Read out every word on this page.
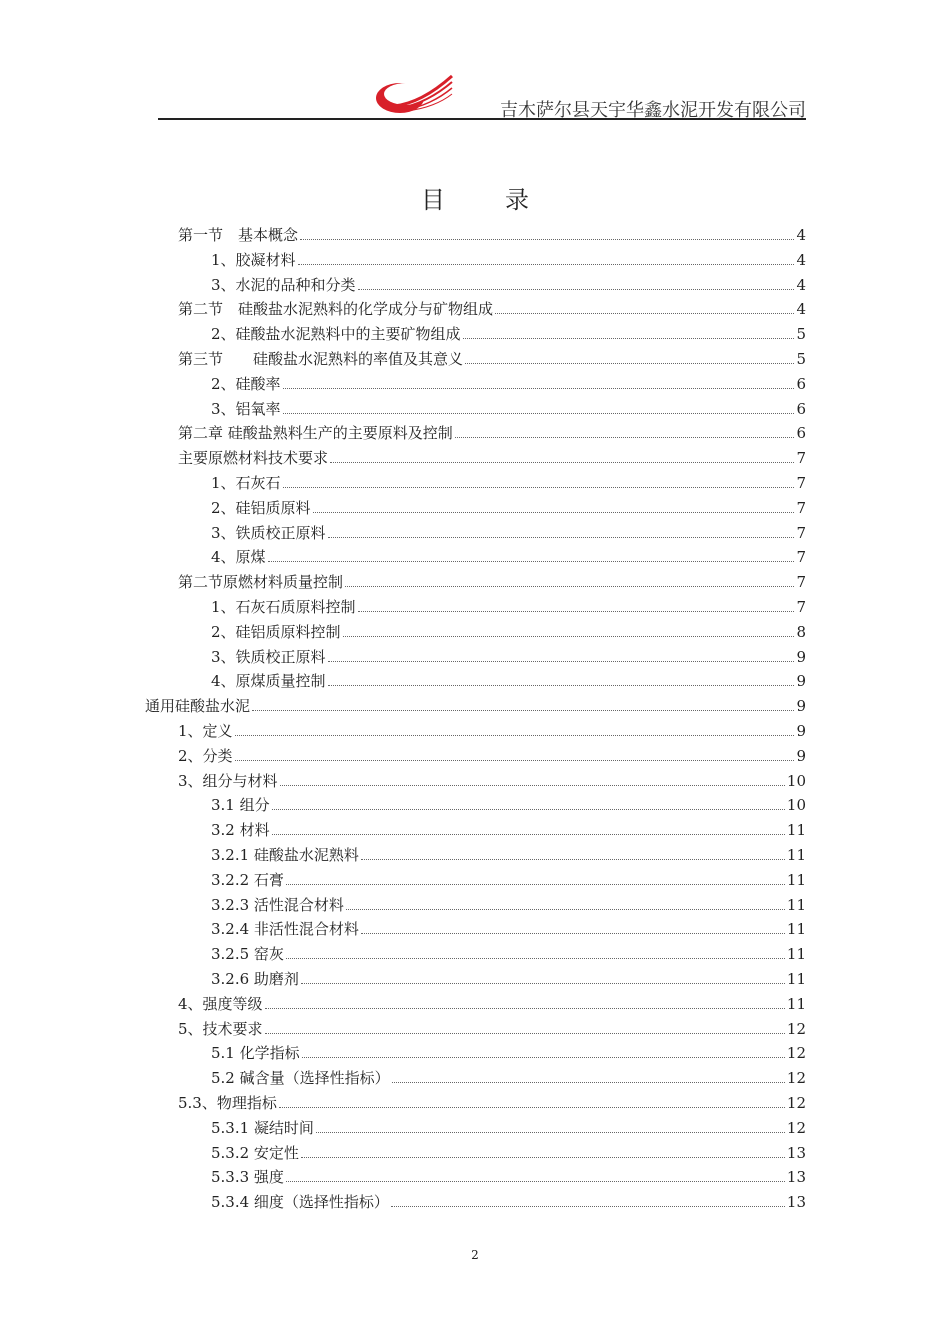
吉木萨尔县天宇华鑫水泥开发有限公司
目录
第一节　基本概念	4
1、胶凝材料	4
3、水泥的品种和分类	4
第二节　硅酸盐水泥熟料的化学成分与矿物组成	4
2、硅酸盐水泥熟料中的主要矿物组成	5
第三节　　硅酸盐水泥熟料的率值及其意义	5
2、硅酸率	6
3、铝氧率	6
第二章 硅酸盐熟料生产的主要原料及控制	6
主要原燃材料技术要求	7
1、石灰石	7
2、硅铝质原料	7
3、铁质校正原料	7
4、原煤	7
第二节原燃材料质量控制	7
1、石灰石质原料控制	7
2、硅铝质原料控制	8
3、铁质校正原料	9
4、原煤质量控制	9
通用硅酸盐水泥	9
1、定义	9
2、分类	9
3、组分与材料	10
3.1 组分	10
3.2 材料	11
3.2.1 硅酸盐水泥熟料	11
3.2.2 石膏	11
3.2.3 活性混合材料	11
3.2.4 非活性混合材料	11
3.2.5 窑灰	11
3.2.6 助磨剂	11
4、强度等级	11
5、技术要求	12
5.1 化学指标	12
5.2 碱含量（选择性指标）	12
5.3、物理指标	12
5.3.1 凝结时间	12
5.3.2 安定性	13
5.3.3 强度	13
5.3.4 细度（选择性指标）	13
2
